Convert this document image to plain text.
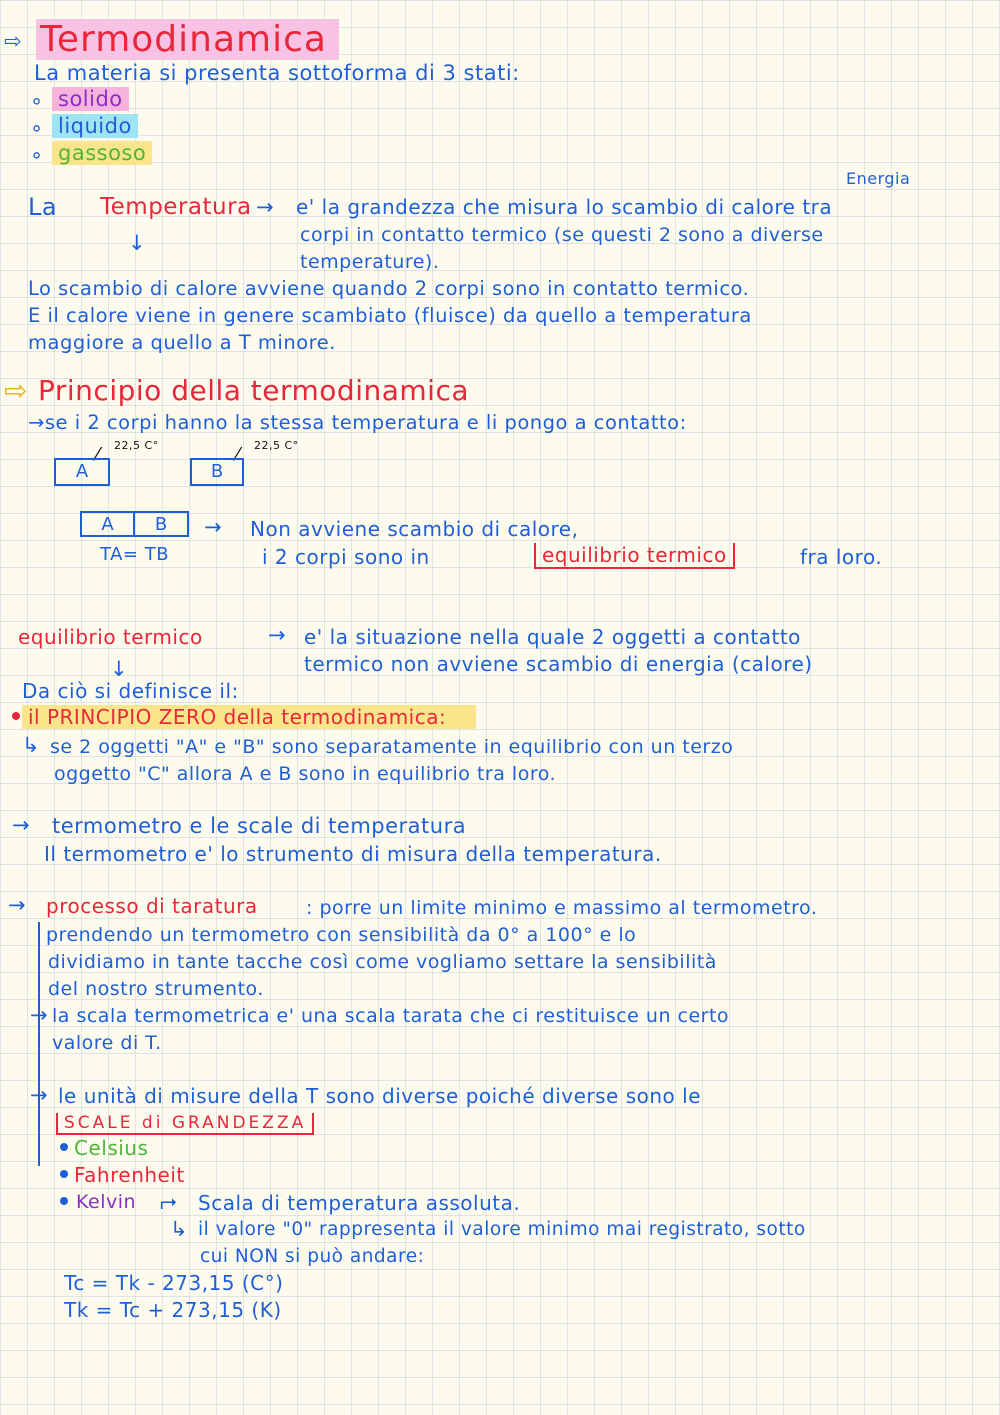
⇨ Termodinamica
La materia si presenta sottoforma di 3 stati:
∘ solido
∘ liquido
∘ gassoso
Energia
La Temperatura → e' la grandezza che misura lo scambio di calore tra
corpi in contatto termico (se questi 2 sono a diverse
temperature).
↓
Lo scambio di calore avviene quando 2 corpi sono in contatto termico.
E il calore viene in genere scambiato (fluisce) da quello a temperatura
maggiore a quello a T minore.
⇨ Principio della termodinamica
→se i 2 corpi hanno la stessa temperatura e li pongo a contatto:
22,5 C°
⁄
A
22,5 C°
⁄
B
A	B
TA= TB
→ Non avviene scambio di calore,
i 2 corpi sono in	equilibrio termico	fra loro.
equilibrio termico	→ e' la situazione nella quale 2 oggetti a contatto
termico non avviene scambio di energia (calore)
↓
Da ciò si definisce il:
il PRINCIPIO ZERO della termodinamica:
↳ se 2 oggetti "A" e "B" sono separatamente in equilibrio con un terzo
oggetto "C" allora A e B sono in equilibrio tra loro.
→ termometro e le scale di temperatura
Il termometro e' lo strumento di misura della temperatura.
→ processo di taratura	: porre un limite minimo e massimo al termometro.
prendendo un termometro con sensibilità da 0° a 100° e lo
dividiamo in tante tacche così come vogliamo settare la sensibilità
del nostro strumento.
→ la scala termometrica e' una scala tarata che ci restituisce un certo
valore di T.
→ le unità di misure della T sono diverse poiché diverse sono le
SCALE di GRANDEZZA
Celsius
Fahrenheit
Kelvin ⮣ Scala di temperatura assoluta.
↳ il valore "0" rappresenta il valore minimo mai registrato, sotto
cui NON si può andare:
Tc = Tk - 273,15 (C°)
Tk = Tc + 273,15 (K)
